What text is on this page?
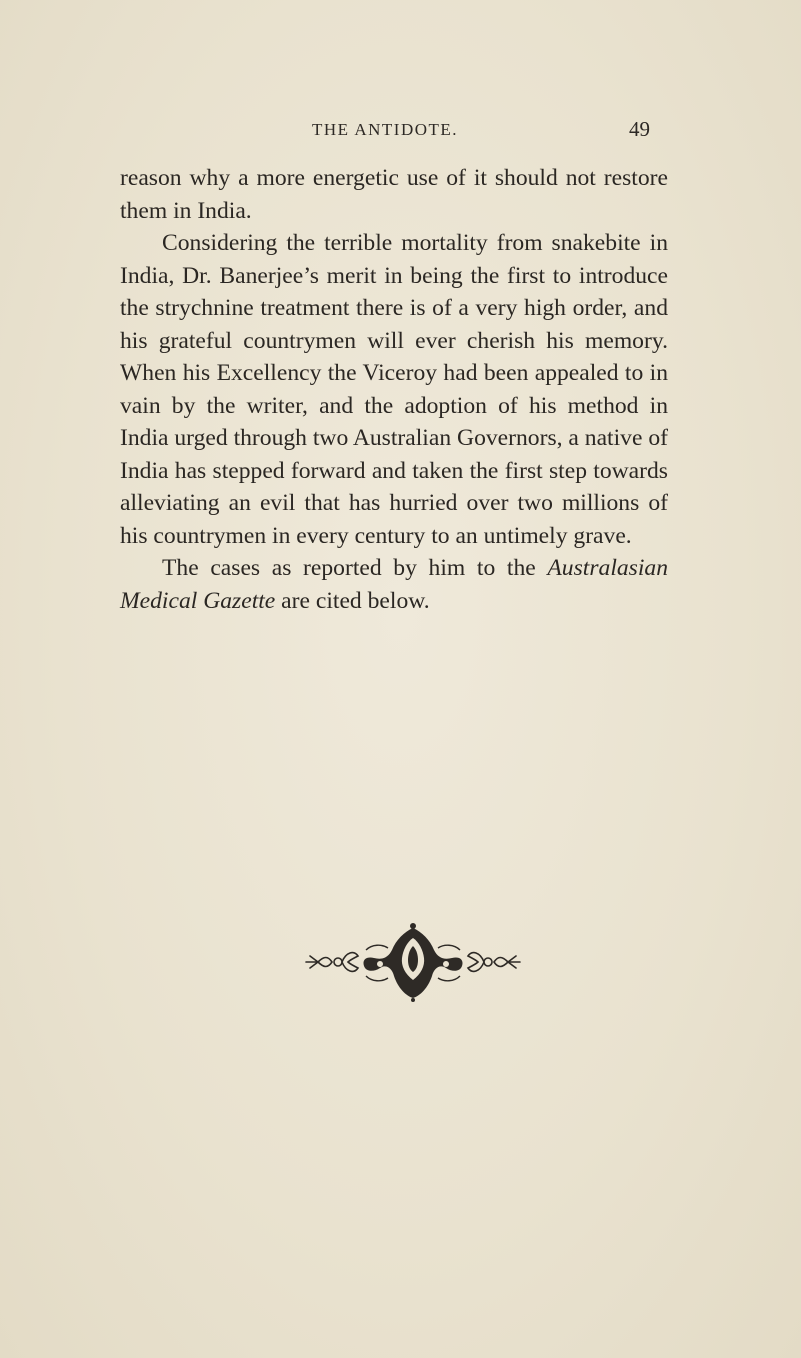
THE ANTIDOTE.	49

reason why a more energetic use of it should not restore them in India.

Considering the terrible mortality from snakebite in India, Dr. Banerjee’s merit in being the first to introduce the strychnine treatment there is of a very high order, and his grateful countrymen will ever cherish his memory. When his Excellency the Viceroy had been appealed to in vain by the writer, and the adoption of his method in India urged through two Australian Governors, a native of India has stepped forward and taken the first step towards alleviating an evil that has hurried over two millions of his countrymen in every century to an untimely grave.

The cases as reported by him to the Australasian Medical Gazette are cited below.
